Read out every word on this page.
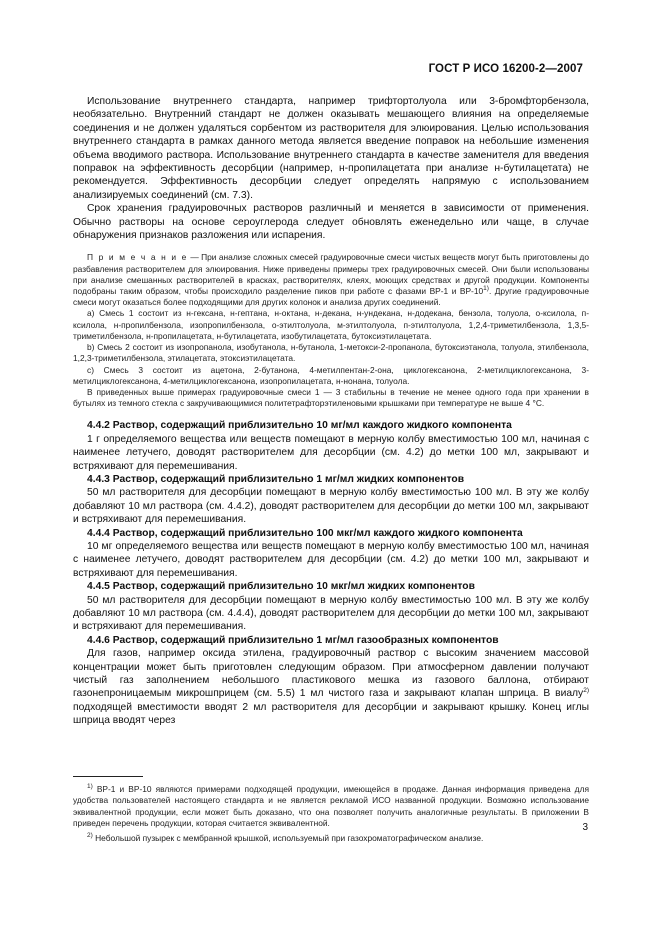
ГОСТ Р ИСО 16200-2—2007

Использование внутреннего стандарта, например трифтортолуола или 3-бромфторбензола, необязательно. Внутренний стандарт не должен оказывать мешающего влияния на определяемые соединения и не должен удаляться сорбентом из растворителя для элюирования. Целью использования внутреннего стандарта в рамках данного метода является введение поправок на небольшие изменения объема вводимого раствора. Использование внутреннего стандарта в качестве заменителя для введения поправок на эффективность десорбции (например, н-пропилацетата при анализе н-бутилацетата) не рекомендуется. Эффективность десорбции следует определять напрямую с использованием анализируемых соединений (см. 7.3).

Срок хранения градуировочных растворов различный и меняется в зависимости от применения. Обычно растворы на основе сероуглерода следует обновлять еженедельно или чаще, в случае обнаружения признаков разложения или испарения.

П р и м е ч а н и е — При анализе сложных смесей градуировочные смеси чистых веществ могут быть приготовлены до разбавления растворителем для элюирования. Ниже приведены примеры трех градуировочных смесей. Они были использованы при анализе смешанных растворителей в красках, растворителях, клеях, моющих средствах и другой продукции. Компоненты подобраны таким образом, чтобы происходило разделение пиков при работе с фазами ВР-1 и ВР-10$^{1)}$. Другие градуировочные смеси могут оказаться более подходящими для других колонок и анализа других соединений.

а) Смесь 1 состоит из н-гексана, н-гептана, н-октана, н-декана, н-ундекана, н-додекана, бензола, толуола, о-ксилола, п-ксилола, н-пропилбензола, изопропилбензола, о-этилтолуола, м-этилтолуола, п-этилтолуола, 1,2,4-триметилбензола, 1,3,5-триметилбензола, н-пропилацетата, н-бутилацетата, изобутилацетата, бутоксиэтилацетата.

b) Смесь 2 состоит из изопропанола, изобутанола, н-бутанола, 1-метокси-2-пропанола, бутоксиэтанола, толуола, этилбензола, 1,2,3-триметилбензола, этилацетата, этоксиэтилацетата.

с) Смесь 3 состоит из ацетона, 2-бутанона, 4-метилпентан-2-она, циклогексанона, 2-метилциклогексанона, 3-метилциклогексанона, 4-метилциклогексанона, изопропилацетата, н-нонана, толуола.

В приведенных выше примерах градуировочные смеси 1 — 3 стабильны в течение не менее одного года при хранении в бутылях из темного стекла с закручивающимися политетрафторэтиленовыми крышками при температуре не выше 4 °С.

4.4.2 Раствор, содержащий приблизительно 10 мг/мл каждого жидкого компонента

1 г определяемого вещества или веществ помещают в мерную колбу вместимостью 100 мл, начиная с наименее летучего, доводят растворителем для десорбции (см. 4.2) до метки 100 мл, закрывают и встряхивают для перемешивания.

4.4.3 Раствор, содержащий приблизительно 1 мг/мл жидких компонентов

50 мл растворителя для десорбции помещают в мерную колбу вместимостью 100 мл. В эту же колбу добавляют 10 мл раствора (см. 4.4.2), доводят растворителем для десорбции до метки 100 мл, закрывают и встряхивают для перемешивания.

4.4.4 Раствор, содержащий приблизительно 100 мкг/мл каждого жидкого компонента

10 мг определяемого вещества или веществ помещают в мерную колбу вместимостью 100 мл, начиная с наименее летучего, доводят растворителем для десорбции (см. 4.2) до метки 100 мл, закрывают и встряхивают для перемешивания.

4.4.5 Раствор, содержащий приблизительно 10 мкг/мл жидких компонентов

50 мл растворителя для десорбции помещают в мерную колбу вместимостью 100 мл. В эту же колбу добавляют 10 мл раствора (см. 4.4.4), доводят растворителем для десорбции до метки 100 мл, закрывают и встряхивают для перемешивания.

4.4.6 Раствор, содержащий приблизительно 1 мг/мл газообразных компонентов

Для газов, например оксида этилена, градуировочный раствор с высоким значением массовой концентрации может быть приготовлен следующим образом. При атмосферном давлении получают чистый газ заполнением небольшого пластикового мешка из газового баллона, отбирают газонепроницаемым микрошприцем (см. 5.5) 1 мл чистого газа и закрывают клапан шприца. В виалу$^{2)}$ подходящей вместимости вводят 2 мл растворителя для десорбции и закрывают крышку. Конец иглы шприца вводят через

$^{1)}$ ВР-1 и ВР-10 являются примерами подходящей продукции, имеющейся в продаже. Данная информация приведена для удобства пользователей настоящего стандарта и не является рекламой ИСО названной продукции. Возможно использование эквивалентной продукции, если может быть доказано, что она позволяет получить аналогичные результаты. В приложении В приведен перечень продукции, которая считается эквивалентной.

$^{2)}$ Небольшой пузырек с мембранной крышкой, используемый при газохроматографическом анализе.

3
